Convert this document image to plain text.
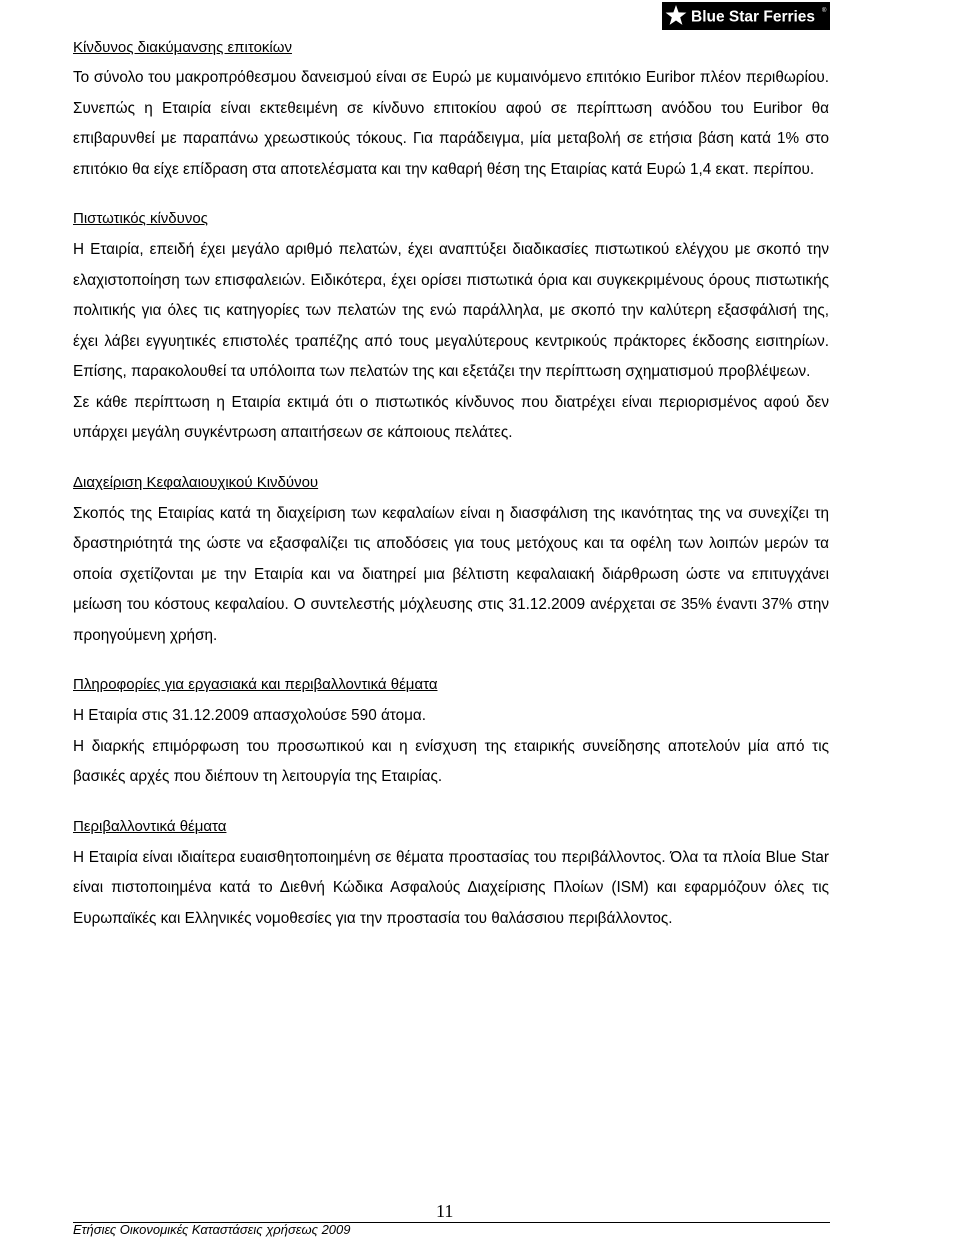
Blue Star Ferries ®
Κίνδυνος διακύμανσης επιτοκίων

Το σύνολο του μακροπρόθεσμου δανεισμού είναι σε Ευρώ με κυμαινόμενο επιτόκιο Euribor πλέον περιθωρίου. Συνεπώς η Εταιρία είναι εκτεθειμένη σε κίνδυνο επιτοκίου αφού σε περίπτωση ανόδου του Euribor θα επιβαρυνθεί με παραπάνω χρεωστικούς τόκους. Για παράδειγμα, μία μεταβολή σε ετήσια βάση κατά 1% στο επιτόκιο θα είχε επίδραση στα αποτελέσματα και την καθαρή θέση της Εταιρίας κατά Ευρώ 1,4 εκατ. περίπου.

Πιστωτικός κίνδυνος

Η Εταιρία, επειδή έχει μεγάλο αριθμό πελατών, έχει αναπτύξει διαδικασίες πιστωτικού ελέγχου με σκοπό την ελαχιστοποίηση των επισφαλειών. Ειδικότερα, έχει ορίσει πιστωτικά όρια και συγκεκριμένους όρους πιστωτικής πολιτικής για όλες τις κατηγορίες των πελατών της ενώ παράλληλα, με σκοπό την καλύτερη εξασφάλισή της, έχει λάβει εγγυητικές επιστολές τραπέζης από τους μεγαλύτερους κεντρικούς πράκτορες έκδοσης εισιτηρίων. Επίσης, παρακολουθεί τα υπόλοιπα των πελατών της και εξετάζει την περίπτωση σχηματισμού προβλέψεων.

Σε κάθε περίπτωση η Εταιρία εκτιμά ότι ο πιστωτικός κίνδυνος που διατρέχει είναι περιορισμένος αφού δεν υπάρχει μεγάλη συγκέντρωση απαιτήσεων σε κάποιους πελάτες.

Διαχείριση Κεφαλαιουχικού Κινδύνου

Σκοπός της Εταιρίας κατά τη διαχείριση των κεφαλαίων είναι η διασφάλιση της ικανότητας της να συνεχίζει τη δραστηριότητά της ώστε να εξασφαλίζει τις αποδόσεις για τους μετόχους και τα οφέλη των λοιπών μερών τα οποία σχετίζονται με την Εταιρία και να διατηρεί μια βέλτιστη κεφαλαιακή διάρθρωση ώστε να επιτυγχάνει μείωση του κόστους κεφαλαίου. Ο συντελεστής μόχλευσης στις 31.12.2009 ανέρχεται σε 35% έναντι 37% στην προηγούμενη χρήση.

Πληροφορίες για εργασιακά και περιβαλλοντικά θέματα

Η Εταιρία στις 31.12.2009 απασχολούσε 590 άτομα.

Η διαρκής επιμόρφωση του προσωπικού και η ενίσχυση της εταιρικής συνείδησης αποτελούν μία από τις βασικές αρχές που διέπουν τη λειτουργία της Εταιρίας.

Περιβαλλοντικά θέματα

Η Εταιρία είναι ιδιαίτερα ευαισθητοποιημένη σε θέματα προστασίας του περιβάλλοντος. Όλα τα πλοία Blue Star είναι πιστοποιημένα κατά το Διεθνή Κώδικα Ασφαλούς Διαχείρισης Πλοίων (ISM) και εφαρμόζουν όλες τις Ευρωπαϊκές και Ελληνικές νομοθεσίες για την προστασία του θαλάσσιου περιβάλλοντος.

11
Ετήσιες Οικονομικές Καταστάσεις χρήσεως 2009
